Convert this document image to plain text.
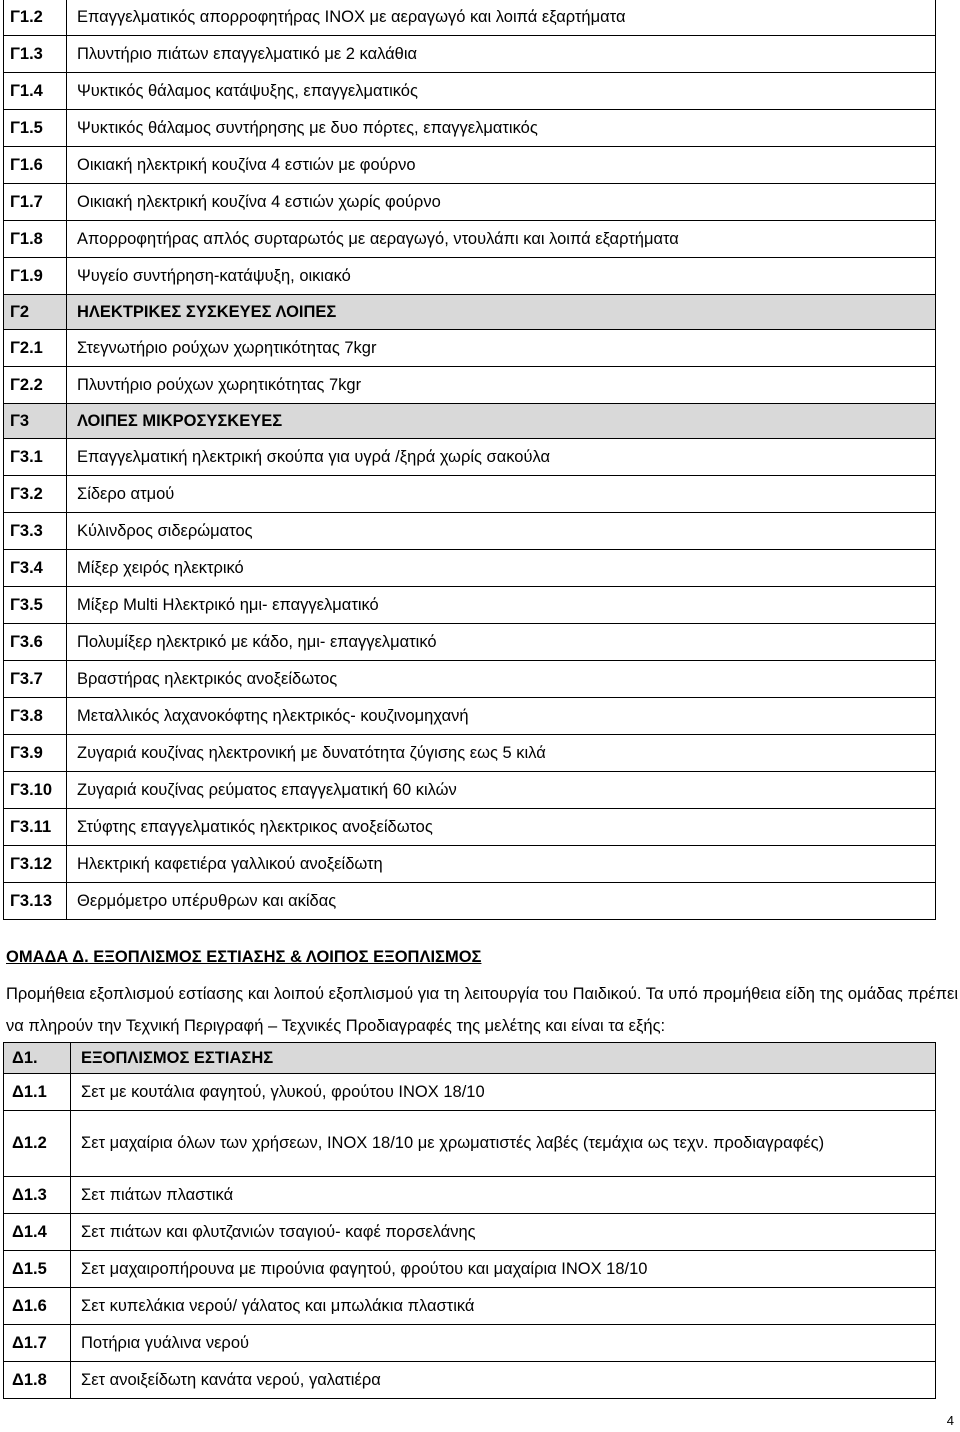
Γ1.2	Επαγγελματικός απορροφητήρας INOX με αεραγωγό και λοιπά εξαρτήματα
Γ1.3	Πλυντήριο πιάτων επαγγελματικό με 2 καλάθια
Γ1.4	Ψυκτικός θάλαμος κατάψυξης, επαγγελματικός
Γ1.5	Ψυκτικός θάλαμος συντήρησης με δυο πόρτες, επαγγελματικός
Γ1.6	Οικιακή ηλεκτρική κουζίνα 4 εστιών με φούρνο
Γ1.7	Οικιακή ηλεκτρική κουζίνα 4 εστιών χωρίς φούρνο
Γ1.8	Απορροφητήρας απλός συρταρωτός με αεραγωγό, ντουλάπι και λοιπά εξαρτήματα
Γ1.9	Ψυγείο συντήρηση-κατάψυξη, οικιακό
Γ2	ΗΛΕΚΤΡΙΚΕΣ ΣΥΣΚΕΥΕΣ ΛΟΙΠΕΣ
Γ2.1	Στεγνωτήριο ρούχων χωρητικότητας 7kgr
Γ2.2	Πλυντήριο ρούχων χωρητικότητας 7kgr
Γ3	ΛΟΙΠΕΣ ΜΙΚΡΟΣΥΣΚΕΥΕΣ
Γ3.1	Επαγγελματική ηλεκτρική σκούπα για υγρά /ξηρά χωρίς σακούλα
Γ3.2	Σίδερο ατμού
Γ3.3	Κύλινδρος σιδερώματος
Γ3.4	Μίξερ χειρός ηλεκτρικό
Γ3.5	Μίξερ Multi Ηλεκτρικό ημι- επαγγελματικό
Γ3.6	Πολυμίξερ ηλεκτρικό με κάδο, ημι- επαγγελματικό
Γ3.7	Βραστήρας ηλεκτρικός ανοξείδωτος
Γ3.8	Μεταλλικός λαχανοκόφτης ηλεκτρικός- κουζινομηχανή
Γ3.9	Ζυγαριά κουζίνας ηλεκτρονική με δυνατότητα ζύγισης εως 5 κιλά
Γ3.10	Ζυγαριά κουζίνας ρεύματος επαγγελματική 60 κιλών
Γ3.11	Στύφτης επαγγελματικός ηλεκτρικος ανοξείδωτος
Γ3.12	Ηλεκτρική καφετιέρα γαλλικού ανοξείδωτη
Γ3.13	Θερμόμετρο υπέρυθρων και ακίδας
ΟΜΑΔΑ Δ. ΕΞΟΠΛΙΣΜΟΣ ΕΣΤΙΑΣΗΣ & ΛΟΙΠΟΣ ΕΞΟΠΛΙΣΜΟΣ
Προμήθεια εξοπλισμού εστίασης και λοιπού εξοπλισμού για τη λειτουργία του Παιδικού. Τα υπό προμήθεια είδη της ομάδας πρέπει να πληρούν την Τεχνική Περιγραφή – Τεχνικές Προδιαγραφές της μελέτης και είναι τα εξής:
Δ1.	ΕΞΟΠΛΙΣΜΟΣ ΕΣΤΙΑΣΗΣ
Δ1.1	Σετ με κουτάλια φαγητού, γλυκού, φρούτου INOX 18/10
Δ1.2	Σετ μαχαίρια όλων των χρήσεων, INOX 18/10 με χρωματιστές λαβές (τεμάχια ως τεχν. προδιαγραφές)
Δ1.3	Σετ πιάτων πλαστικά
Δ1.4	Σετ πιάτων και φλυτζανιών τσαγιού- καφέ πορσελάνης
Δ1.5	Σετ μαχαιροπήρουνα με πιρούνια φαγητού, φρούτου και μαχαίρια INOX 18/10
Δ1.6	Σετ κυπελάκια νερού/ γάλατος και μπωλάκια πλαστικά
Δ1.7	Ποτήρια γυάλινα νερού
Δ1.8	Σετ ανοιξείδωτη κανάτα νερού, γαλατιέρα
4
